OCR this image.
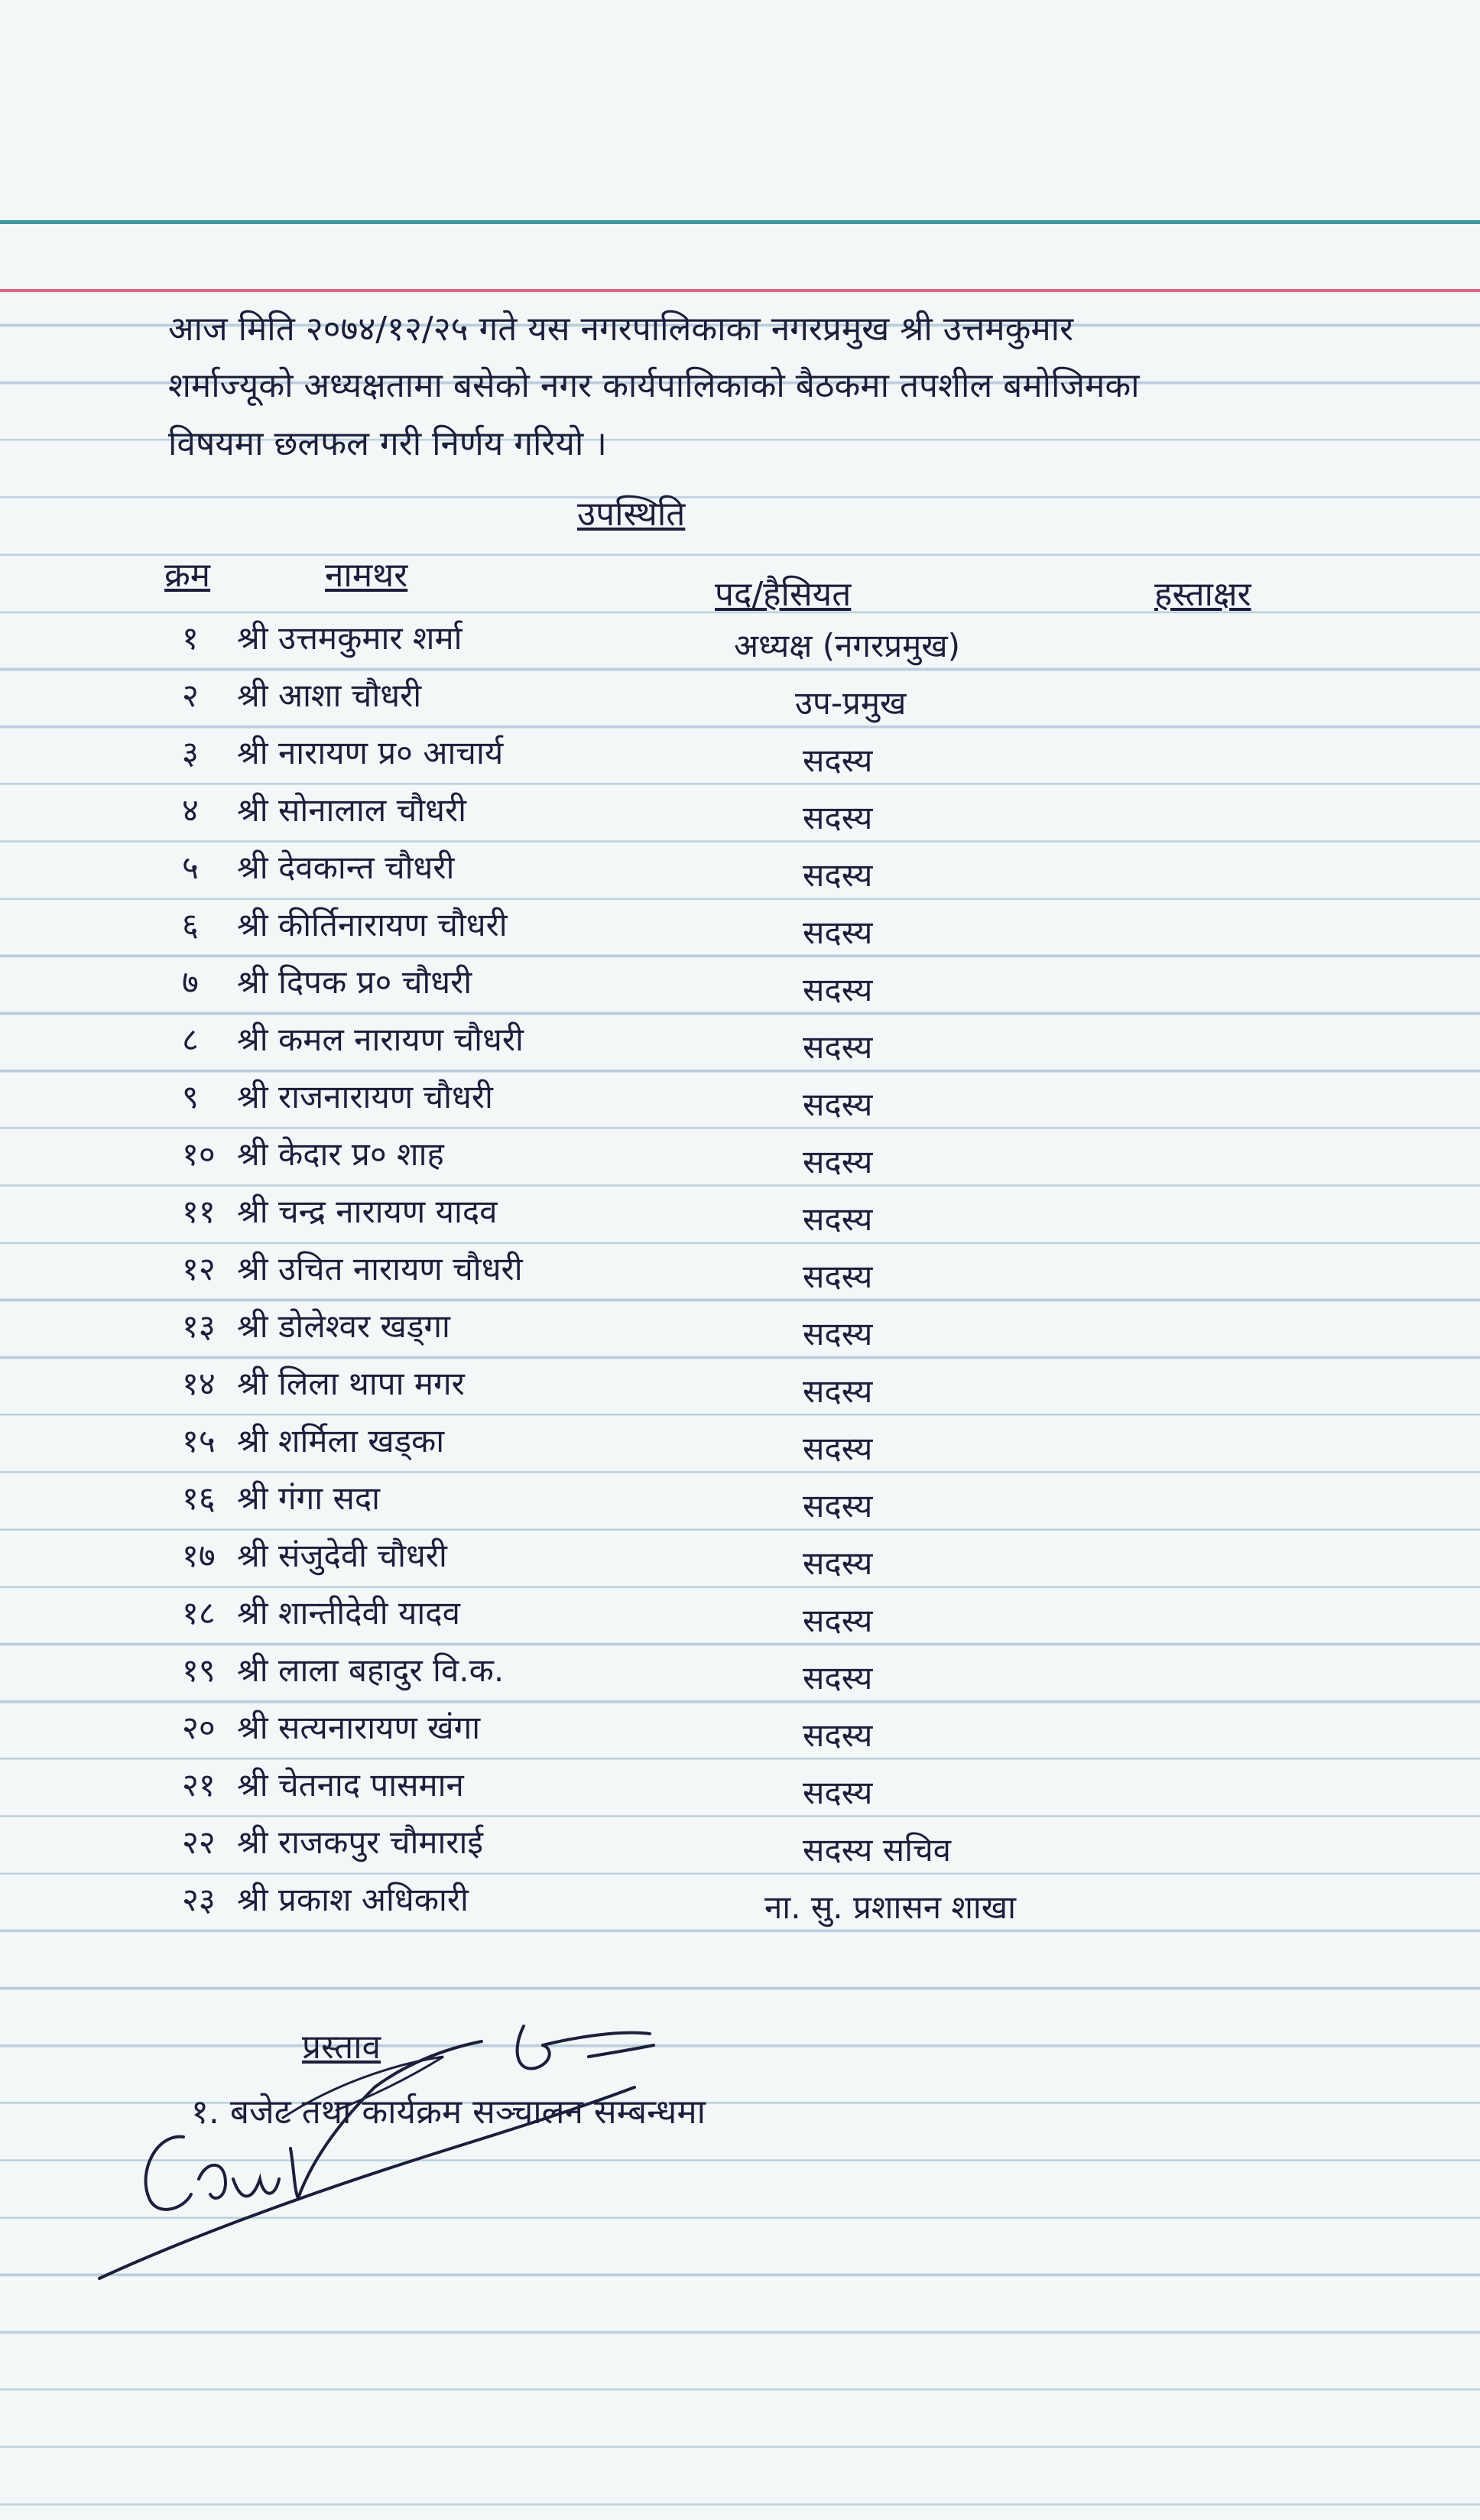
आज मिति २०७४/१२/२५ गते यस नगरपालिकाका नगरप्रमुख श्री उत्तमकुमार
शर्माज्यूको अध्यक्षतामा बसेको नगर कार्यपालिकाको बैठकमा तपशील बमोजिमका
विषयमा छलफल गरी निर्णय गरियो ।
उपस्थिति
क्रम	नामथर	पद/हैसियत	हस्ताक्षर
१ श्री उत्तमकुमार शर्मा	अध्यक्ष (नगरप्रमुख)
२ श्री आशा चौधरी	उप-प्रमुख
३ श्री नारायण प्र० आचार्य	सदस्य
४ श्री सोनालाल चौधरी	सदस्य
५ श्री देवकान्त चौधरी	सदस्य
६ श्री कीर्तिनारायण चौधरी	सदस्य
७ श्री दिपक प्र० चौधरी	सदस्य
८ श्री कमल नारायण चौधरी	सदस्य
९ श्री राजनारायण चौधरी	सदस्य
१० श्री केदार प्र० शाह	सदस्य
११ श्री चन्द्र नारायण यादव	सदस्य
१२ श्री उचित नारायण चौधरी	सदस्य
१३ श्री डोलेश्वर खड्गा	सदस्य
१४ श्री लिला थापा मगर	सदस्य
१५ श्री शर्मिला खड्का	सदस्य
१६ श्री गंगा सदा	सदस्य
१७ श्री संजुदेवी चौधरी	सदस्य
१८ श्री शान्तीदेवी यादव	सदस्य
१९ श्री लाला बहादुर वि.क.	सदस्य
२० श्री सत्यनारायण खंगा	सदस्य
२१ श्री चेतनाद पासमान	सदस्य
२२ श्री राजकपुर चौमाराई	सदस्य सचिव
२३ श्री प्रकाश अधिकारी	ना. सु. प्रशासन शाखा
प्रस्ताव
१. बजेट तथा कार्यक्रम सञ्चालन सम्बन्धमा
